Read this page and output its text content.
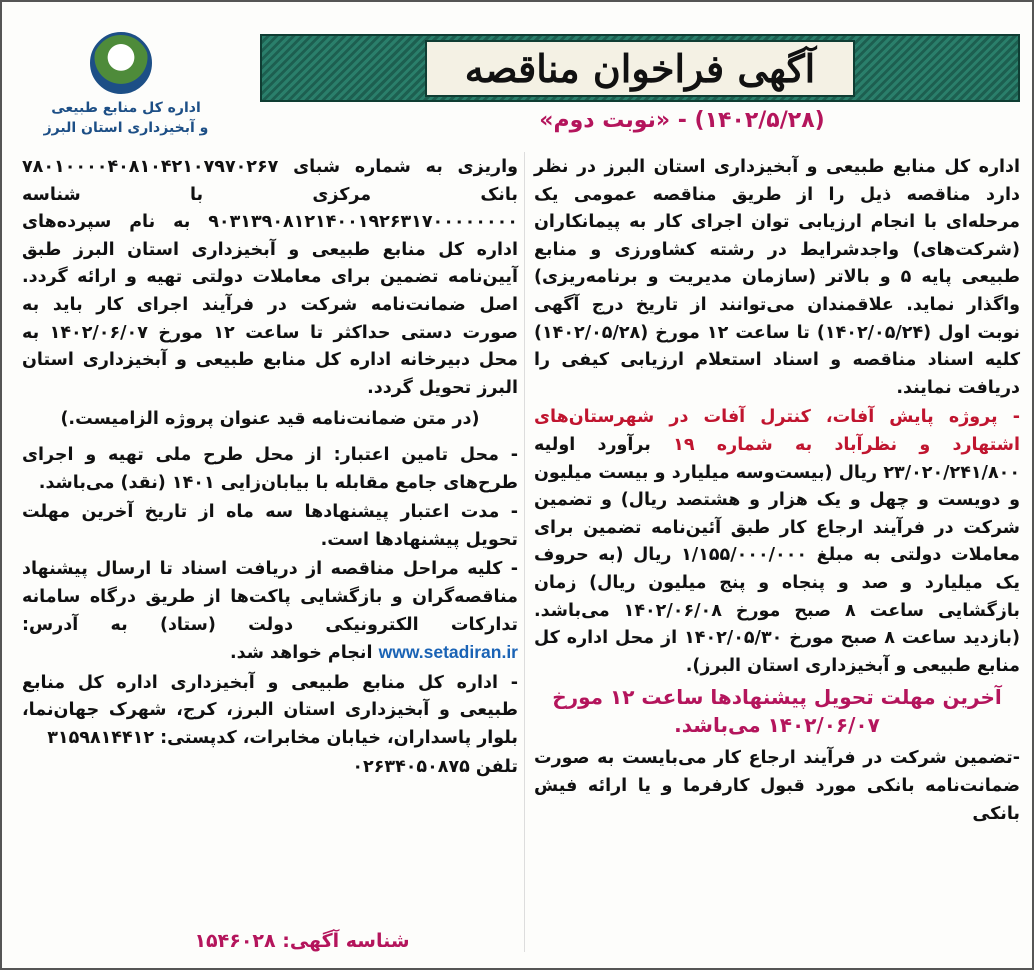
آگهی فراخوان مناقصه
(۱۴۰۲/۵/۲۸) - «نوبت دوم»
اداره کل منابع طبیعی
و آبخیزداری استان البرز

اداره کل منابع طبیعی و آبخیزداری استان البرز در نظر دارد مناقصه ذیل را از طریق مناقصه عمومی یک مرحله‌ای با انجام ارزیابی توان اجرای کار به پیمانکاران (شرکت‌های) واجدشرایط در رشته کشاورزی و منابع طبیعی پایه ۵ و بالاتر (سازمان مدیریت و برنامه‌ریزی) واگذار نماید. علاقمندان می‌توانند از تاریخ درج آگهی نوبت اول (۱۴۰۲/۰۵/۲۴) تا ساعت ۱۲ مورخ (۱۴۰۲/۰۵/۲۸) کلیه اسناد مناقصه و اسناد استعلام ارزیابی کیفی را دریافت نمایند.

- پروژه پایش آفات، کنترل آفات در شهرستان‌های اشتهارد و نظرآباد به شماره ۱۹ برآورد اولیه ۲۳/۰۲۰/۲۴۱/۸۰۰ ریال (بیست‌وسه میلیارد و بیست میلیون و دویست و چهل و یک هزار و هشتصد ریال) و تضمین شرکت در فرآیند ارجاع کار طبق آئین‌نامه تضمین برای معاملات دولتی به مبلغ ۱/۱۵۵/۰۰۰/۰۰۰ ریال (به حروف یک میلیارد و صد و پنجاه و پنج میلیون ریال) زمان بازگشایی ساعت ۸ صبح مورخ ۱۴۰۲/۰۶/۰۸ می‌باشد. (بازدید ساعت ۸ صبح مورخ ۱۴۰۲/۰۵/۳۰ از محل اداره کل منابع طبیعی و آبخیزداری استان البرز).

آخرین مهلت تحویل پیشنهادها ساعت ۱۲ مورخ ۱۴۰۲/۰۶/۰۷ می‌باشد.

-تضمین شرکت در فرآیند ارجاع کار می‌بایست به صورت ضمانت‌نامه بانکی مورد قبول کارفرما و یا ارائه فیش بانکی

واریزی به شماره شبای ۷۸۰۱۰۰۰۰۴۰۸۱۰۴۲۱۰۷۹۷۰۲۶۷ بانک مرکزی با شناسه ۹۰۳۱۳۹۰۸۱۲۱۴۰۰۱۹۲۶۳۱۷۰۰۰۰۰۰۰۰ به نام سپرده‌های اداره کل منابع طبیعی و آبخیزداری استان البرز طبق آیین‌نامه تضمین برای معاملات دولتی تهیه و ارائه گردد. اصل ضمانت‌نامه شرکت در فرآیند اجرای کار باید به صورت دستی حداکثر تا ساعت ۱۲ مورخ ۱۴۰۲/۰۶/۰۷ به محل دبیرخانه اداره کل منابع طبیعی و آبخیزداری استان البرز تحویل گردد.

(در متن ضمانت‌نامه قید عنوان پروژه الزامیست.)

- محل تامین اعتبار: از محل طرح ملی تهیه و اجرای طرح‌های جامع مقابله با بیابان‌زایی ۱۴۰۱ (نقد) می‌باشد.

- مدت اعتبار پیشنهادها سه ماه از تاریخ آخرین مهلت تحویل پیشنهادها است.

- کلیه مراحل مناقصه از دریافت اسناد تا ارسال پیشنهاد مناقصه‌گران و بازگشایی پاکت‌ها از طریق درگاه سامانه تدارکات الکترونیکی دولت (ستاد) به آدرس: www.setadiran.ir انجام خواهد شد.

- اداره کل منابع طبیعی و آبخیزداری اداره کل منابع طبیعی و آبخیزداری استان البرز، کرج، شهرک جهان‌نما، بلوار پاسداران، خیابان مخابرات، کدپستی: ۳۱۵۹۸۱۴۴۱۲

تلفن ۰۲۶۳۴۰۵۰۸۷۵

شناسه آگهی: ۱۵۴۶۰۲۸
